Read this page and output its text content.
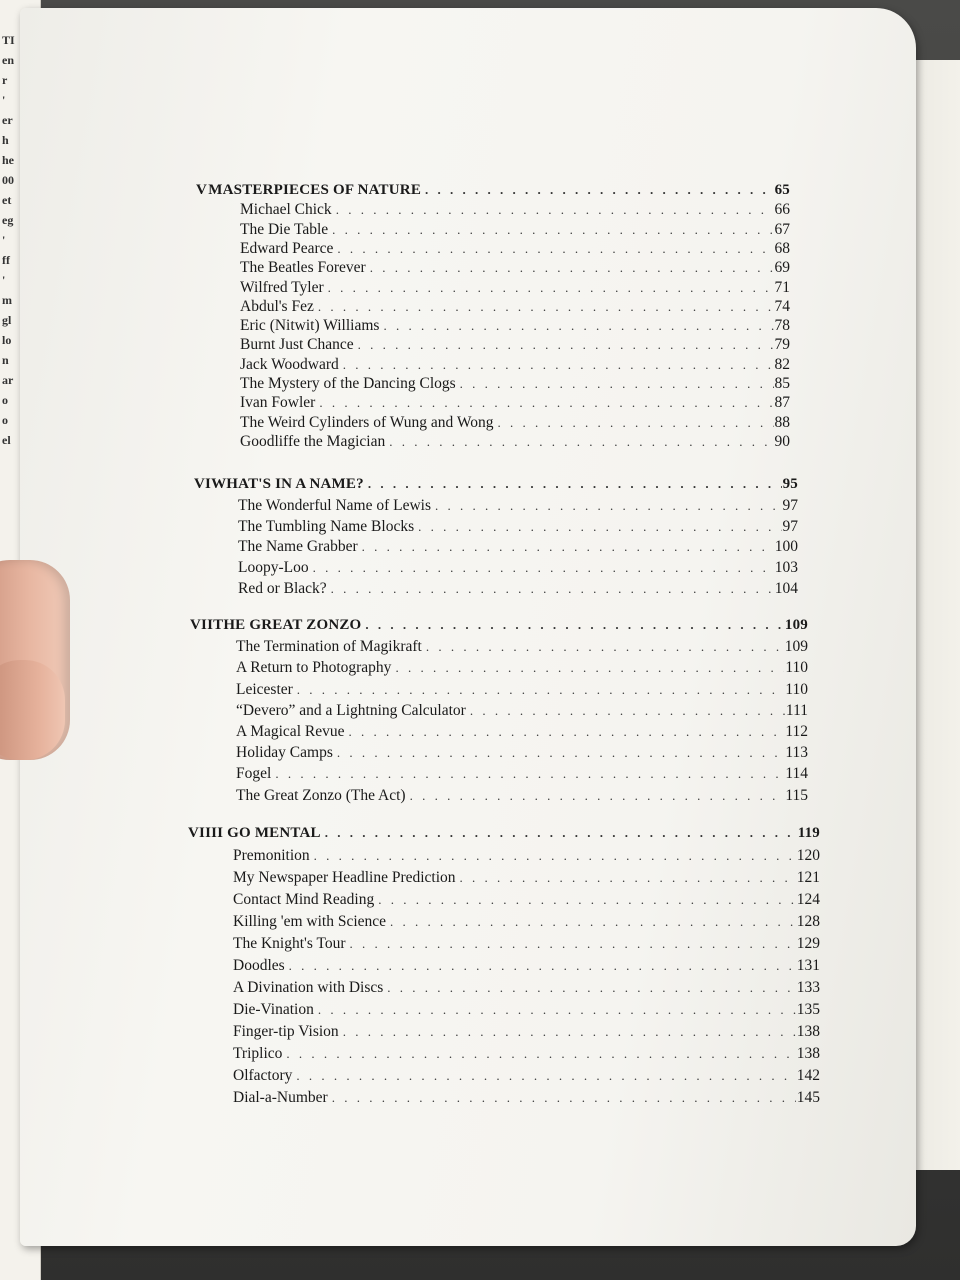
TI
en
r
'
er
h
he
00
et
eg
'
ff
'
m
gl
lo
n
ar
o
o
el
V MASTERPIECES OF NATURE . . .	65
Michael Chick . . .	66
The Die Table . . .	67
Edward Pearce . . .	68
The Beatles Forever . . .	69
Wilfred Tyler . . .	71
Abdul's Fez . . .	74
Eric (Nitwit) Williams . . .	78
Burnt Just Chance . . .	79
Jack Woodward . . .	82
The Mystery of the Dancing Clogs . . .	85
Ivan Fowler . . .	87
The Weird Cylinders of Wung and Wong . . .	88
Goodliffe the Magician . . .	90
VI WHAT'S IN A NAME? . . .	95
The Wonderful Name of Lewis . . .	97
The Tumbling Name Blocks . . .	97
The Name Grabber . . .	100
Loopy-Loo . . .	103
Red or Black? . . .	104
VII THE GREAT ZONZO . . .	109
The Termination of Magikraft . . .	109
A Return to Photography . . .	110
Leicester . . .	110
“Devero” and a Lightning Calculator . . .	111
A Magical Revue . . .	112
Holiday Camps . . .	113
Fogel . . .	114
The Great Zonzo (The Act) . . .	115
VIII I GO MENTAL . . .	119
Premonition . . .	120
My Newspaper Headline Prediction . . .	121
Contact Mind Reading . . .	124
Killing 'em with Science . . .	128
The Knight's Tour . . .	129
Doodles . . .	131
A Divination with Discs . . .	133
Die-Vination . . .	135
Finger-tip Vision . . .	138
Triplico . . .	138
Olfactory . . .	142
Dial-a-Number . . .	145
